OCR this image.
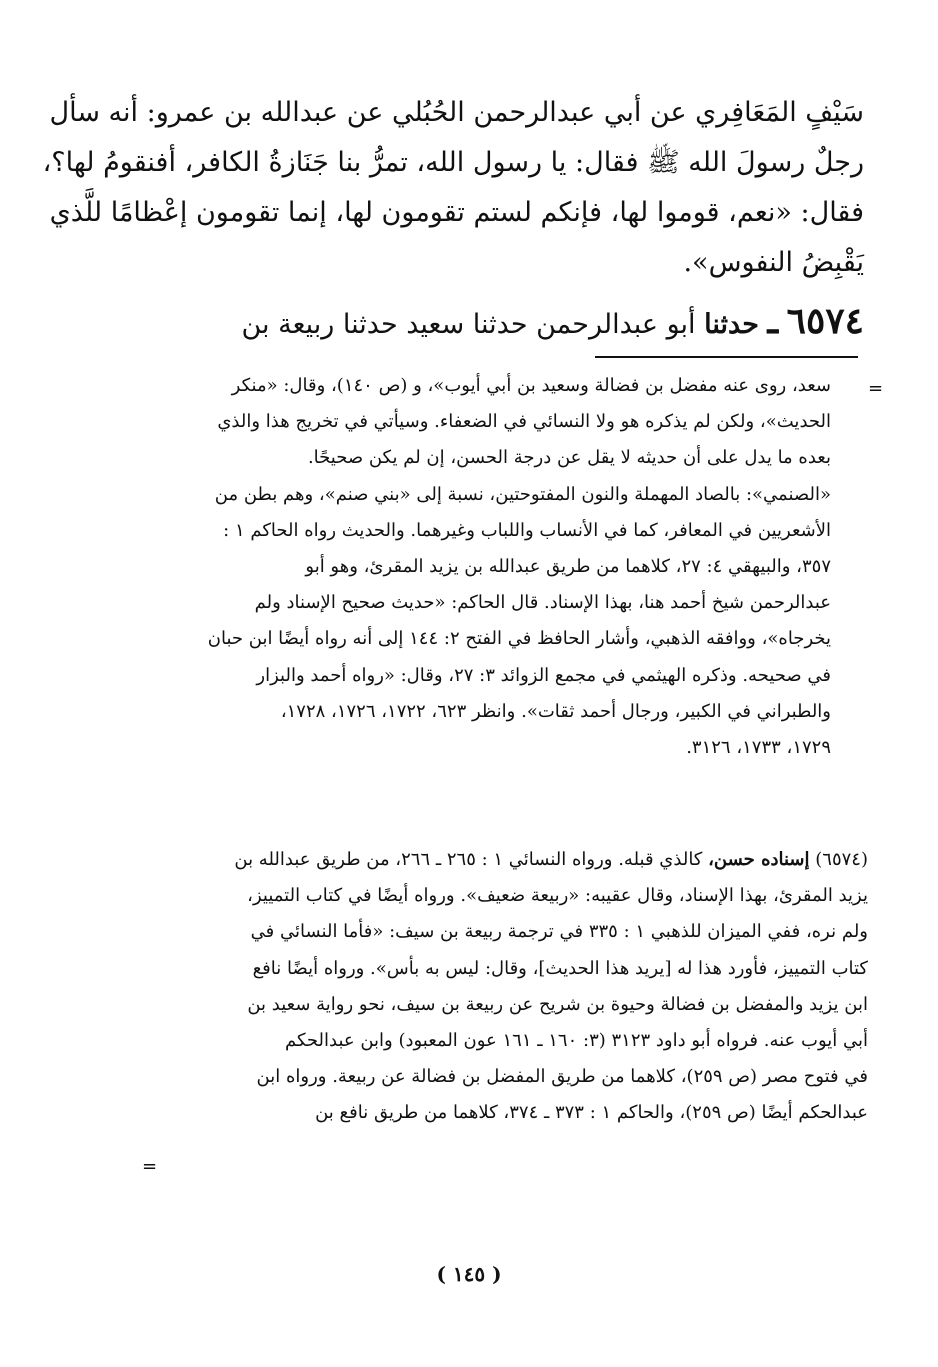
سَيْفٍ المَعَافِري عن أبي عبدالرحمن الحُبُلي عن عبدالله بن عمرو: أنه سأل
رجلٌ رسولَ الله ﷺ فقال: يا رسول الله، تمرُّ بنا جَنَازةُ الكافر، أفنقومُ لها؟،
فقال: «نعم، قوموا لها، فإنكم لستم تقومون لها، إنما تقومون إعْظامًا للَّذي
يَقْبِضُ النفوس».
٦٥٧٤ ـ حدثنا أبو عبدالرحمن حدثنا سعيد حدثنا ربيعة بن
=
سعد، روى عنه مفضل بن فضالة وسعيد بن أبي أيوب»، و (ص ١٤٠)، وقال: «منكر
الحديث»، ولكن لم يذكره هو ولا النسائي في الضعفاء. وسيأتي في تخريج هذا والذي
بعده ما يدل على أن حديثه لا يقل عن درجة الحسن، إن لم يكن صحيحًا.
«الصنمي»: بالصاد المهملة والنون المفتوحتين، نسبة إلى «بني صنم»، وهم بطن من
الأشعريين في المعافر، كما في الأنساب واللباب وغيرهما. والحديث رواه الحاكم ١ :
٣٥٧، والبيهقي ٤: ٢٧، كلاهما من طريق عبدالله بن يزيد المقرئ، وهو أبو
عبدالرحمن شيخ أحمد هنا، بهذا الإسناد. قال الحاكم: «حديث صحيح الإسناد ولم
يخرجاه»، ووافقه الذهبي، وأشار الحافظ في الفتح ٢: ١٤٤ إلى أنه رواه أيضًا ابن حبان
في صحيحه. وذكره الهيثمي في مجمع الزوائد ٣: ٢٧، وقال: «رواه أحمد والبزار
والطبراني في الكبير، ورجال أحمد ثقات». وانظر ٦٢٣، ١٧٢٢، ١٧٢٦، ١٧٢٨،
١٧٢٩، ١٧٣٣، ٣١٢٦.
(٦٥٧٤) إسناده حسن، كالذي قبله. ورواه النسائي ١ : ٢٦٥ ـ ٢٦٦، من طريق عبدالله بن
يزيد المقرئ، بهذا الإسناد، وقال عقيبه: «ربيعة ضعيف». ورواه أيضًا في كتاب التمييز،
ولم نره، ففي الميزان للذهبي ١ : ٣٣٥ في ترجمة ربيعة بن سيف: «فأما النسائي في
كتاب التمييز، فأورد هذا له [يريد هذا الحديث]، وقال: ليس به بأس». ورواه أيضًا نافع
ابن يزيد والمفضل بن فضالة وحيوة بن شريح عن ربيعة بن سيف، نحو رواية سعيد بن
أبي أيوب عنه. فرواه أبو داود ٣١٢٣ (٣: ١٦٠ ـ ١٦١ عون المعبود) وابن عبدالحكم
في فتوح مصر (ص ٢٥٩)، كلاهما من طريق المفضل بن فضالة عن ربيعة. ورواه ابن
عبدالحكم أيضًا (ص ٢٥٩)، والحاكم ١ : ٣٧٣ ـ ٣٧٤، كلاهما من طريق نافع بن
=
( ١٤٥ )
